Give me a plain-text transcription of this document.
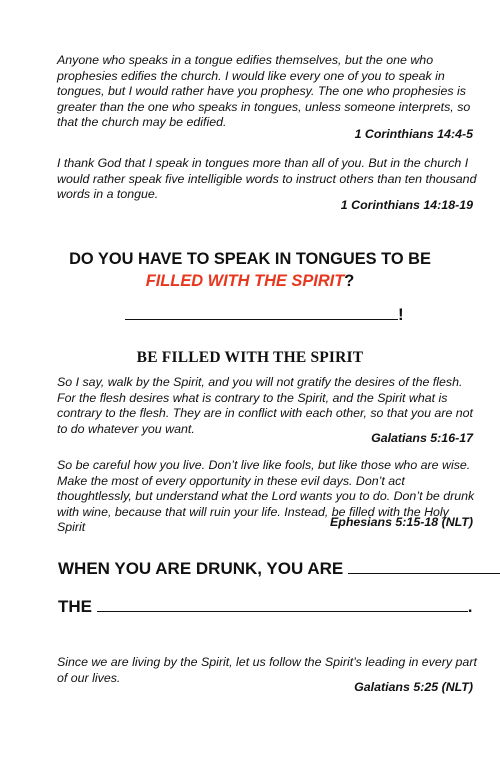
Anyone who speaks in a tongue edifies themselves, but the one who prophesies edifies the church. I would like every one of you to speak in tongues, but I would rather have you prophesy. The one who prophesies is greater than the one who speaks in tongues, unless someone interprets, so that the church may be edified.

1 Corinthians 14:4-5

I thank God that I speak in tongues more than all of you. But in the church I would rather speak five intelligible words to instruct others than ten thousand words in a tongue.

1 Corinthians 14:18-19
DO YOU HAVE TO SPEAK IN TONGUES TO BE FILLED WITH THE SPIRIT?
!
BE FILLED WITH THE SPIRIT

So I say, walk by the Spirit, and you will not gratify the desires of the flesh. For the flesh desires what is contrary to the Spirit, and the Spirit what is contrary to the flesh. They are in conflict with each other, so that you are not to do whatever you want.

Galatians 5:16-17

So be careful how you live. Don’t live like fools, but like those who are wise. Make the most of every opportunity in these evil days. Don’t act thoughtlessly, but understand what the Lord wants you to do. Don’t be drunk with wine, because that will ruin your life. Instead, be filled with the Holy Spirit	Ephesians 5:15-18 (NLT)
WHEN YOU ARE DRUNK, YOU ARE
THE	.

Since we are living by the Spirit, let us follow the Spirit’s leading in every part of our lives.

Galatians 5:25 (NLT)
